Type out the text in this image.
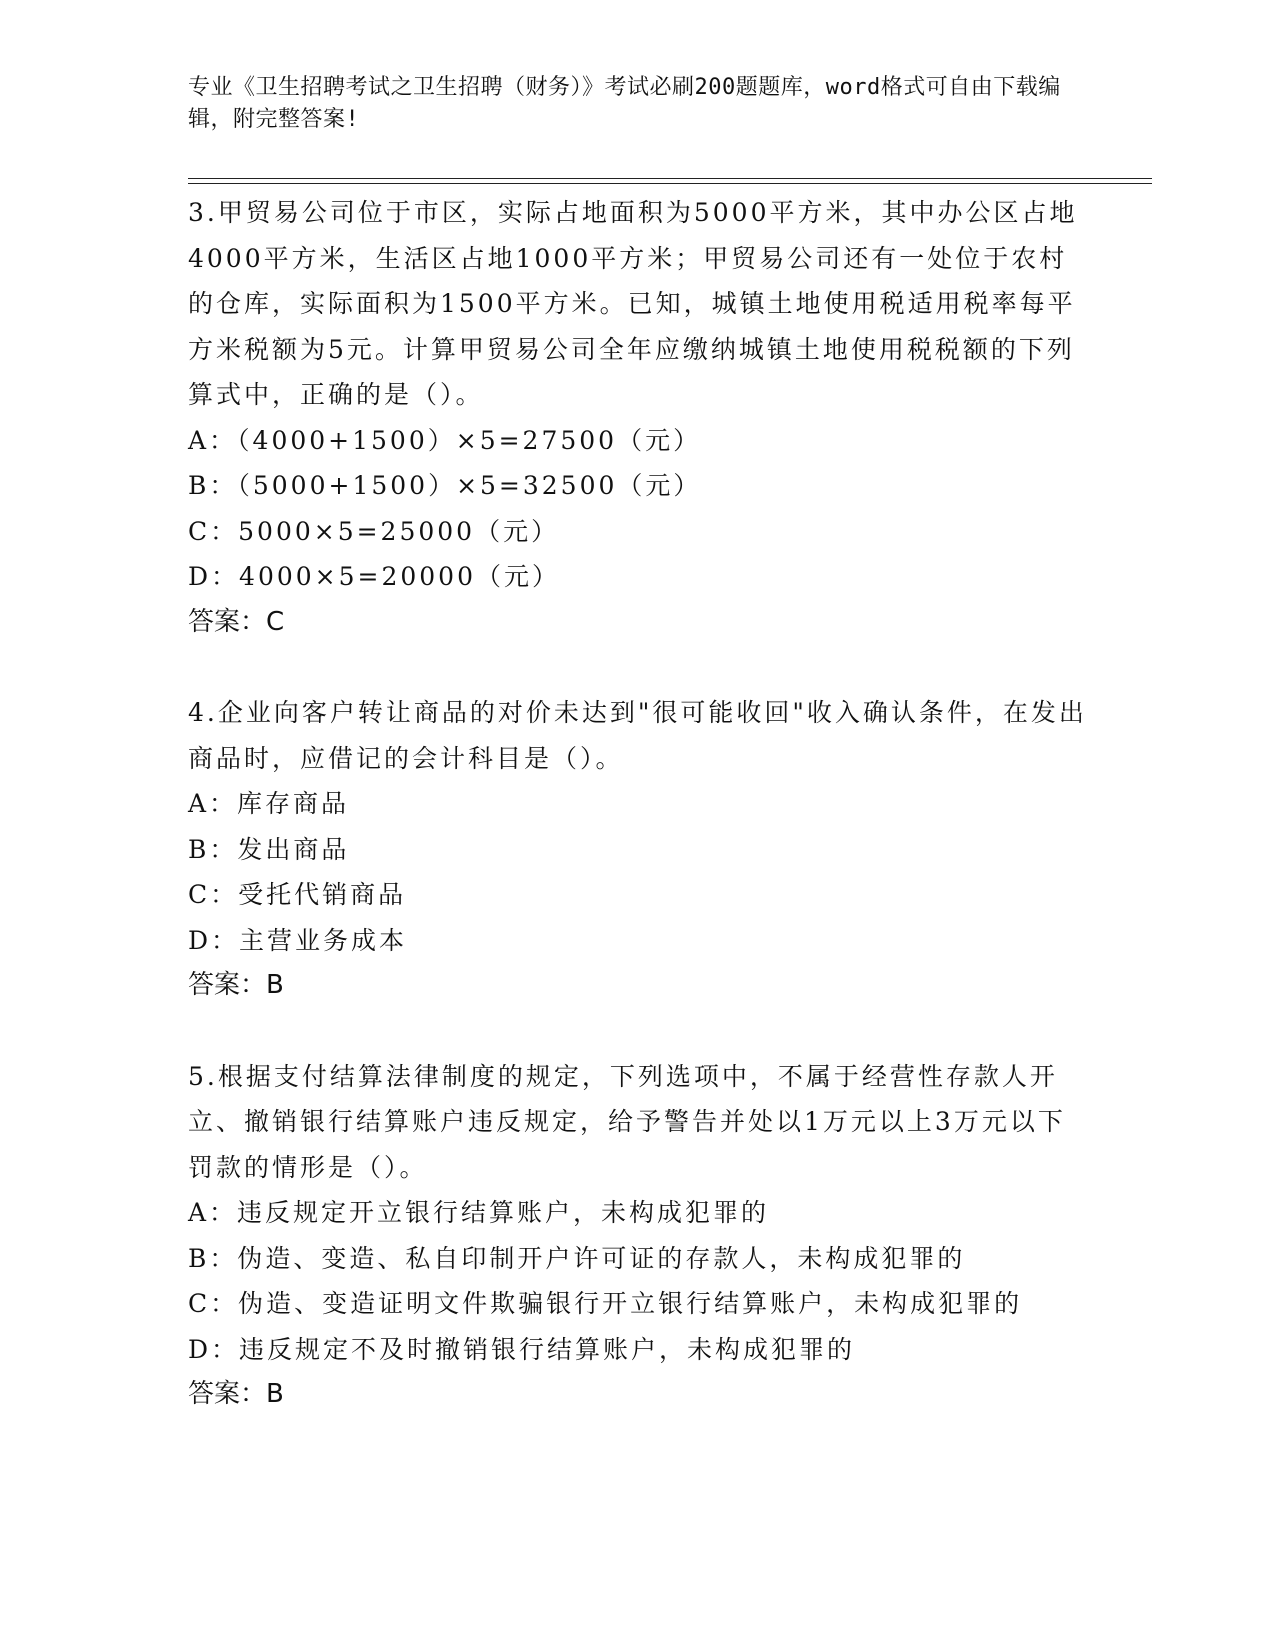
专业《卫生招聘考试之卫生招聘（财务）》考试必刷200题题库，word格式可自由下载编辑，附完整答案!

3.甲贸易公司位于市区，实际占地面积为5000平方米，其中办公区占地4000平方米，生活区占地1000平方米；甲贸易公司还有一处位于农村的仓库，实际面积为1500平方米。已知，城镇土地使用税适用税率每平方米税额为5元。计算甲贸易公司全年应缴纳城镇土地使用税税额的下列算式中，正确的是（）。

A：（4000+1500）×5=27500（元）

B：（5000+1500）×5=32500（元）

C：5000×5=25000（元）

D：4000×5=20000（元）

答案：C

4.企业向客户转让商品的对价未达到"很可能收回"收入确认条件，在发出商品时，应借记的会计科目是（）。

A：库存商品

B：发出商品

C：受托代销商品

D：主营业务成本

答案：B

5.根据支付结算法律制度的规定，下列选项中，不属于经营性存款人开立、撤销银行结算账户违反规定，给予警告并处以1万元以上3万元以下罚款的情形是（）。

A：违反规定开立银行结算账户，未构成犯罪的

B：伪造、变造、私自印制开户许可证的存款人，未构成犯罪的

C：伪造、变造证明文件欺骗银行开立银行结算账户，未构成犯罪的

D：违反规定不及时撤销银行结算账户，未构成犯罪的

答案：B
